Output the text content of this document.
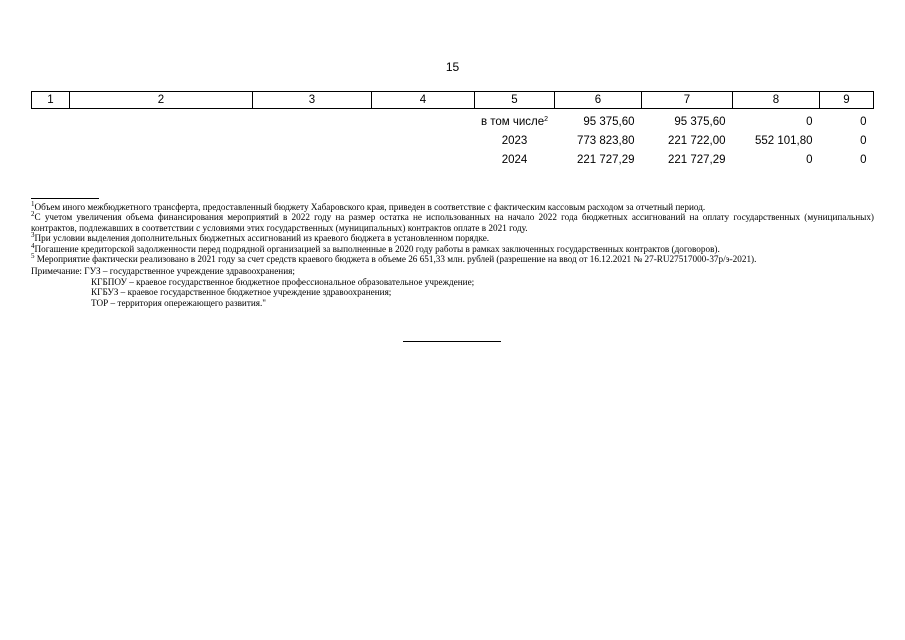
15
1	2	3	4	5	6	7	8	9
				в том числе$^2$	95 375,60	95 375,60	0	0
				2023	773 823,80	221 722,00	552 101,80	0
				2024	221 727,29	221 727,29	0	0

$^1$Объем иного межбюджетного трансферта, предоставленный бюджету Хабаровского края, приведен в соответствие с фактическим кассовым расходом за отчетный период.

$^2$С учетом увеличения объема финансирования мероприятий в 2022 году на размер остатка не использованных на начало 2022 года бюджетных ассигнований на оплату государственных (муниципальных) контрактов, подлежавших в соответствии с условиями этих государственных (муниципальных) контрактов оплате в 2021 году.

$^3$При условии выделения дополнительных бюджетных ассигнований из краевого бюджета в установленном порядке.

$^4$Погашение кредиторской задолженности перед подрядной организацией за выполненные в 2020 году работы в рамках заключенных государственных контрактов (договоров).

$^5$ Мероприятие фактически реализовано в 2021 году за счет средств краевого бюджета в объеме 26 651,33 млн. рублей (разрешение на ввод от 16.12.2021 № 27-RU27517000-37р/э-2021).

Примечание: ГУЗ – государственное учреждение здравоохранения;

КГБПОУ – краевое государственное бюджетное профессиональное образовательное учреждение;

КГБУЗ – краевое государственное бюджетное учреждение здравоохранения;

ТОР – территория опережающего развития."
